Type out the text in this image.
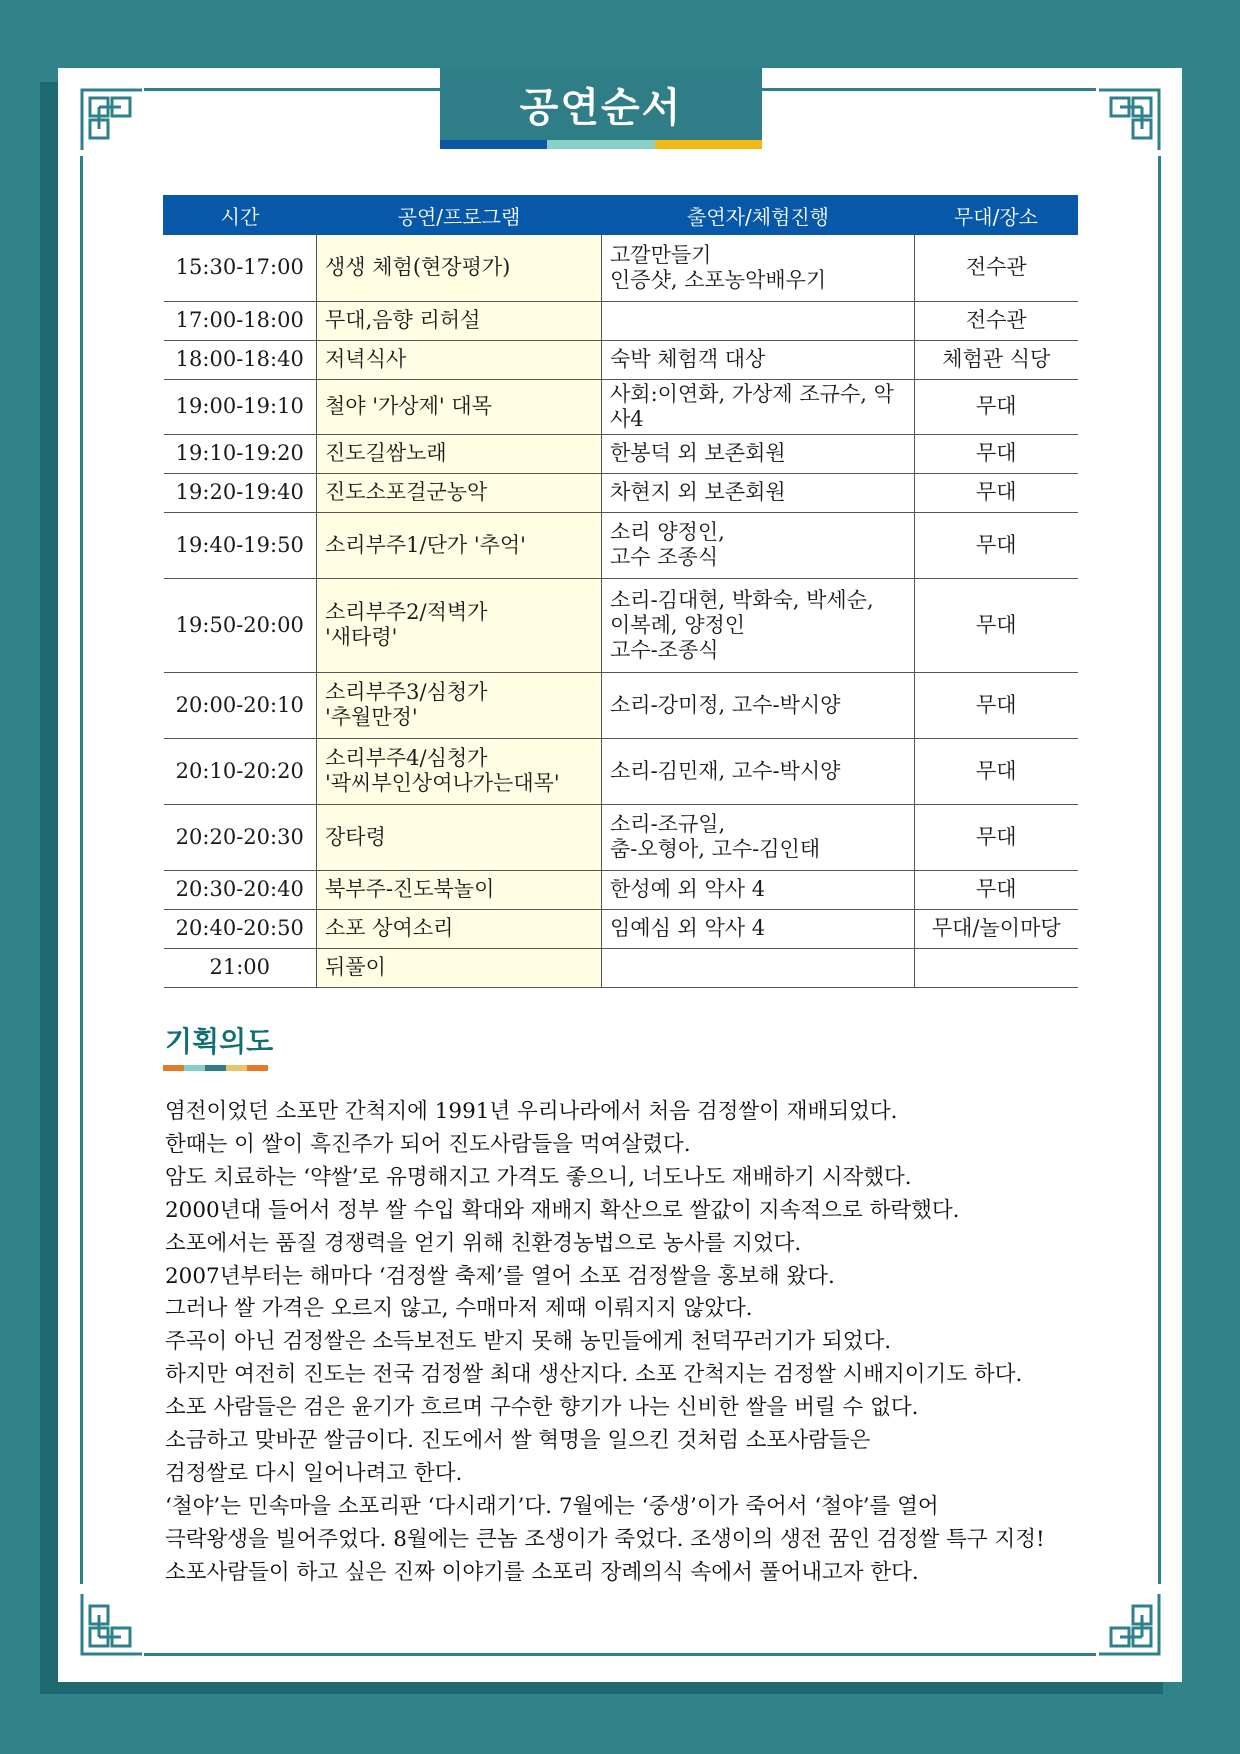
공연순서
시간	공연/프로그램	출연자/체험진행	무대/장소
15:30-17:00	생생 체험(현장평가)	고깔만들기
인증샷, 소포농악배우기	전수관
17:00-18:00	무대,음향 리허설		전수관
18:00-18:40	저녁식사	숙박 체험객 대상	체험관 식당
19:00-19:10	철야 '가상제' 대목	사회:이연화, 가상제 조규수, 악사4	무대
19:10-19:20	진도길쌈노래	한봉덕 외 보존회원	무대
19:20-19:40	진도소포걸군농악	차현지 외 보존회원	무대
19:40-19:50	소리부주1/단가 '추억'	소리 양정인,
고수 조종식	무대
19:50-20:00	소리부주2/적벽가
'새타령'	소리-김대현, 박화숙, 박세순,
이복례, 양정인
고수-조종식	무대
20:00-20:10	소리부주3/심청가
'추월만정'	소리-강미정, 고수-박시양	무대
20:10-20:20	소리부주4/심청가
'곽씨부인상여나가는대목'	소리-김민재, 고수-박시양	무대
20:20-20:30	장타령	소리-조규일,
춤-오형아, 고수-김인태	무대
20:30-20:40	북부주-진도북놀이	한성예 외 악사 4	무대
20:40-20:50	소포 상여소리	임예심 외 악사 4	무대/놀이마당
21:00	뒤풀이		
기획의도
염전이었던 소포만 간척지에 1991년 우리나라에서 처음 검정쌀이 재배되었다.
한때는 이 쌀이 흑진주가 되어 진도사람들을 먹여살렸다.
암도 치료하는 ‘약쌀’로 유명해지고 가격도 좋으니, 너도나도 재배하기 시작했다.
2000년대 들어서 정부 쌀 수입 확대와 재배지 확산으로 쌀값이 지속적으로 하락했다.
소포에서는 품질 경쟁력을 얻기 위해 친환경농법으로 농사를 지었다.
2007년부터는 해마다 ‘검정쌀 축제’를 열어 소포 검정쌀을 홍보해 왔다.
그러나 쌀 가격은 오르지 않고, 수매마저 제때 이뤄지지 않았다.
주곡이 아닌 검정쌀은 소득보전도 받지 못해 농민들에게 천덕꾸러기가 되었다.
하지만 여전히 진도는 전국 검정쌀 최대 생산지다. 소포 간척지는 검정쌀 시배지이기도 하다.
소포 사람들은 검은 윤기가 흐르며 구수한 향기가 나는 신비한 쌀을 버릴 수 없다.
소금하고 맞바꾼 쌀금이다. 진도에서 쌀 혁명을 일으킨 것처럼 소포사람들은
검정쌀로 다시 일어나려고 한다.
‘철야’는 민속마을 소포리판 ‘다시래기’다. 7월에는 ‘중생’이가 죽어서 ‘철야’를 열어
극락왕생을 빌어주었다. 8월에는 큰놈 조생이가 죽었다. 조생이의 생전 꿈인 검정쌀 특구 지정!
소포사람들이 하고 싶은 진짜 이야기를 소포리 장례의식 속에서 풀어내고자 한다.
